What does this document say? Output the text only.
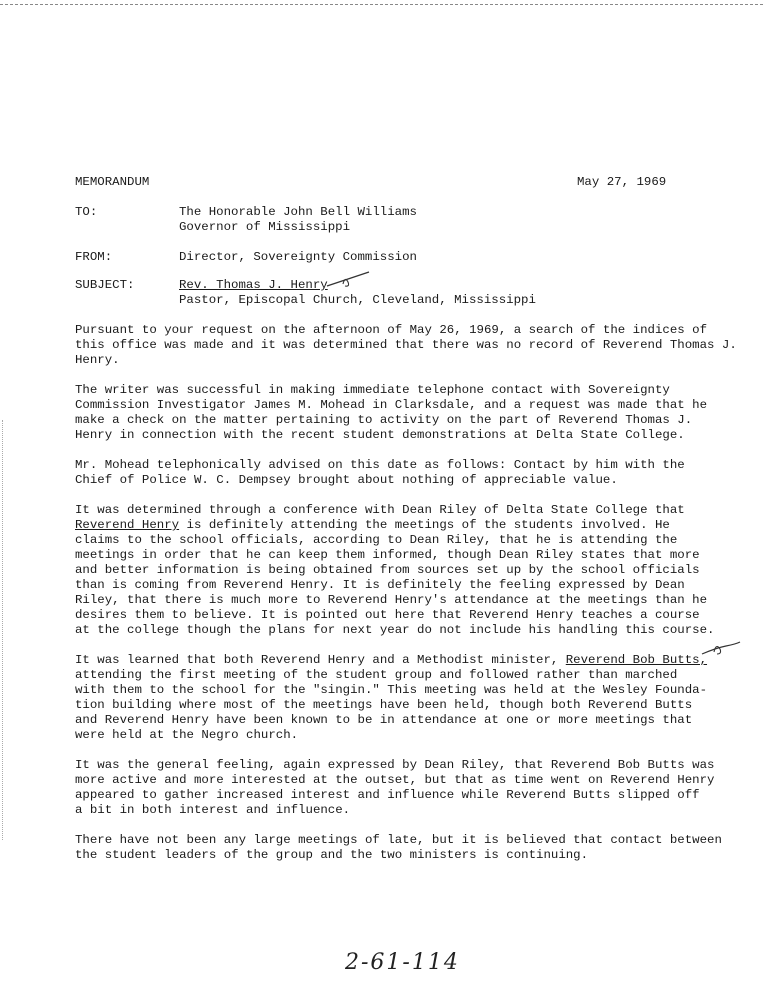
MEMORANDUM	May 27, 1969
TO:	The Honorable John Bell Williams
Governor of Mississippi
FROM:	Director, Sovereignty Commission
SUBJECT:	Rev. Thomas J. Henry
Pastor, Episcopal Church, Cleveland, Mississippi
Pursuant to your request on the afternoon of May 26, 1969, a search of the indices of
this office was made and it was determined that there was no record of Reverend Thomas J.
Henry.
The writer was successful in making immediate telephone contact with Sovereignty
Commission Investigator James M. Mohead in Clarksdale, and a request was made that he
make a check on the matter pertaining to activity on the part of Reverend Thomas J.
Henry in connection with the recent student demonstrations at Delta State College.
Mr. Mohead telephonically advised on this date as follows: Contact by him with the
Chief of Police W. C. Dempsey brought about nothing of appreciable value.
It was determined through a conference with Dean Riley of Delta State College that
Reverend Henry is definitely attending the meetings of the students involved. He
claims to the school officials, according to Dean Riley, that he is attending the
meetings in order that he can keep them informed, though Dean Riley states that more
and better information is being obtained from sources set up by the school officials
than is coming from Reverend Henry. It is definitely the feeling expressed by Dean
Riley, that there is much more to Reverend Henry's attendance at the meetings than he
desires them to believe. It is pointed out here that Reverend Henry teaches a course
at the college though the plans for next year do not include his handling this course.
It was learned that both Reverend Henry and a Methodist minister, Reverend Bob Butts,
attending the first meeting of the student group and followed rather than marched
with them to the school for the "singin." This meeting was held at the Wesley Founda-
tion building where most of the meetings have been held, though both Reverend Butts
and Reverend Henry have been known to be in attendance at one or more meetings that
were held at the Negro church.
It was the general feeling, again expressed by Dean Riley, that Reverend Bob Butts was
more active and more interested at the outset, but that as time went on Reverend Henry
appeared to gather increased interest and influence while Reverend Butts slipped off
a bit in both interest and influence.
There have not been any large meetings of late, but it is believed that contact between
the student leaders of the group and the two ministers is continuing.
2-61-114
